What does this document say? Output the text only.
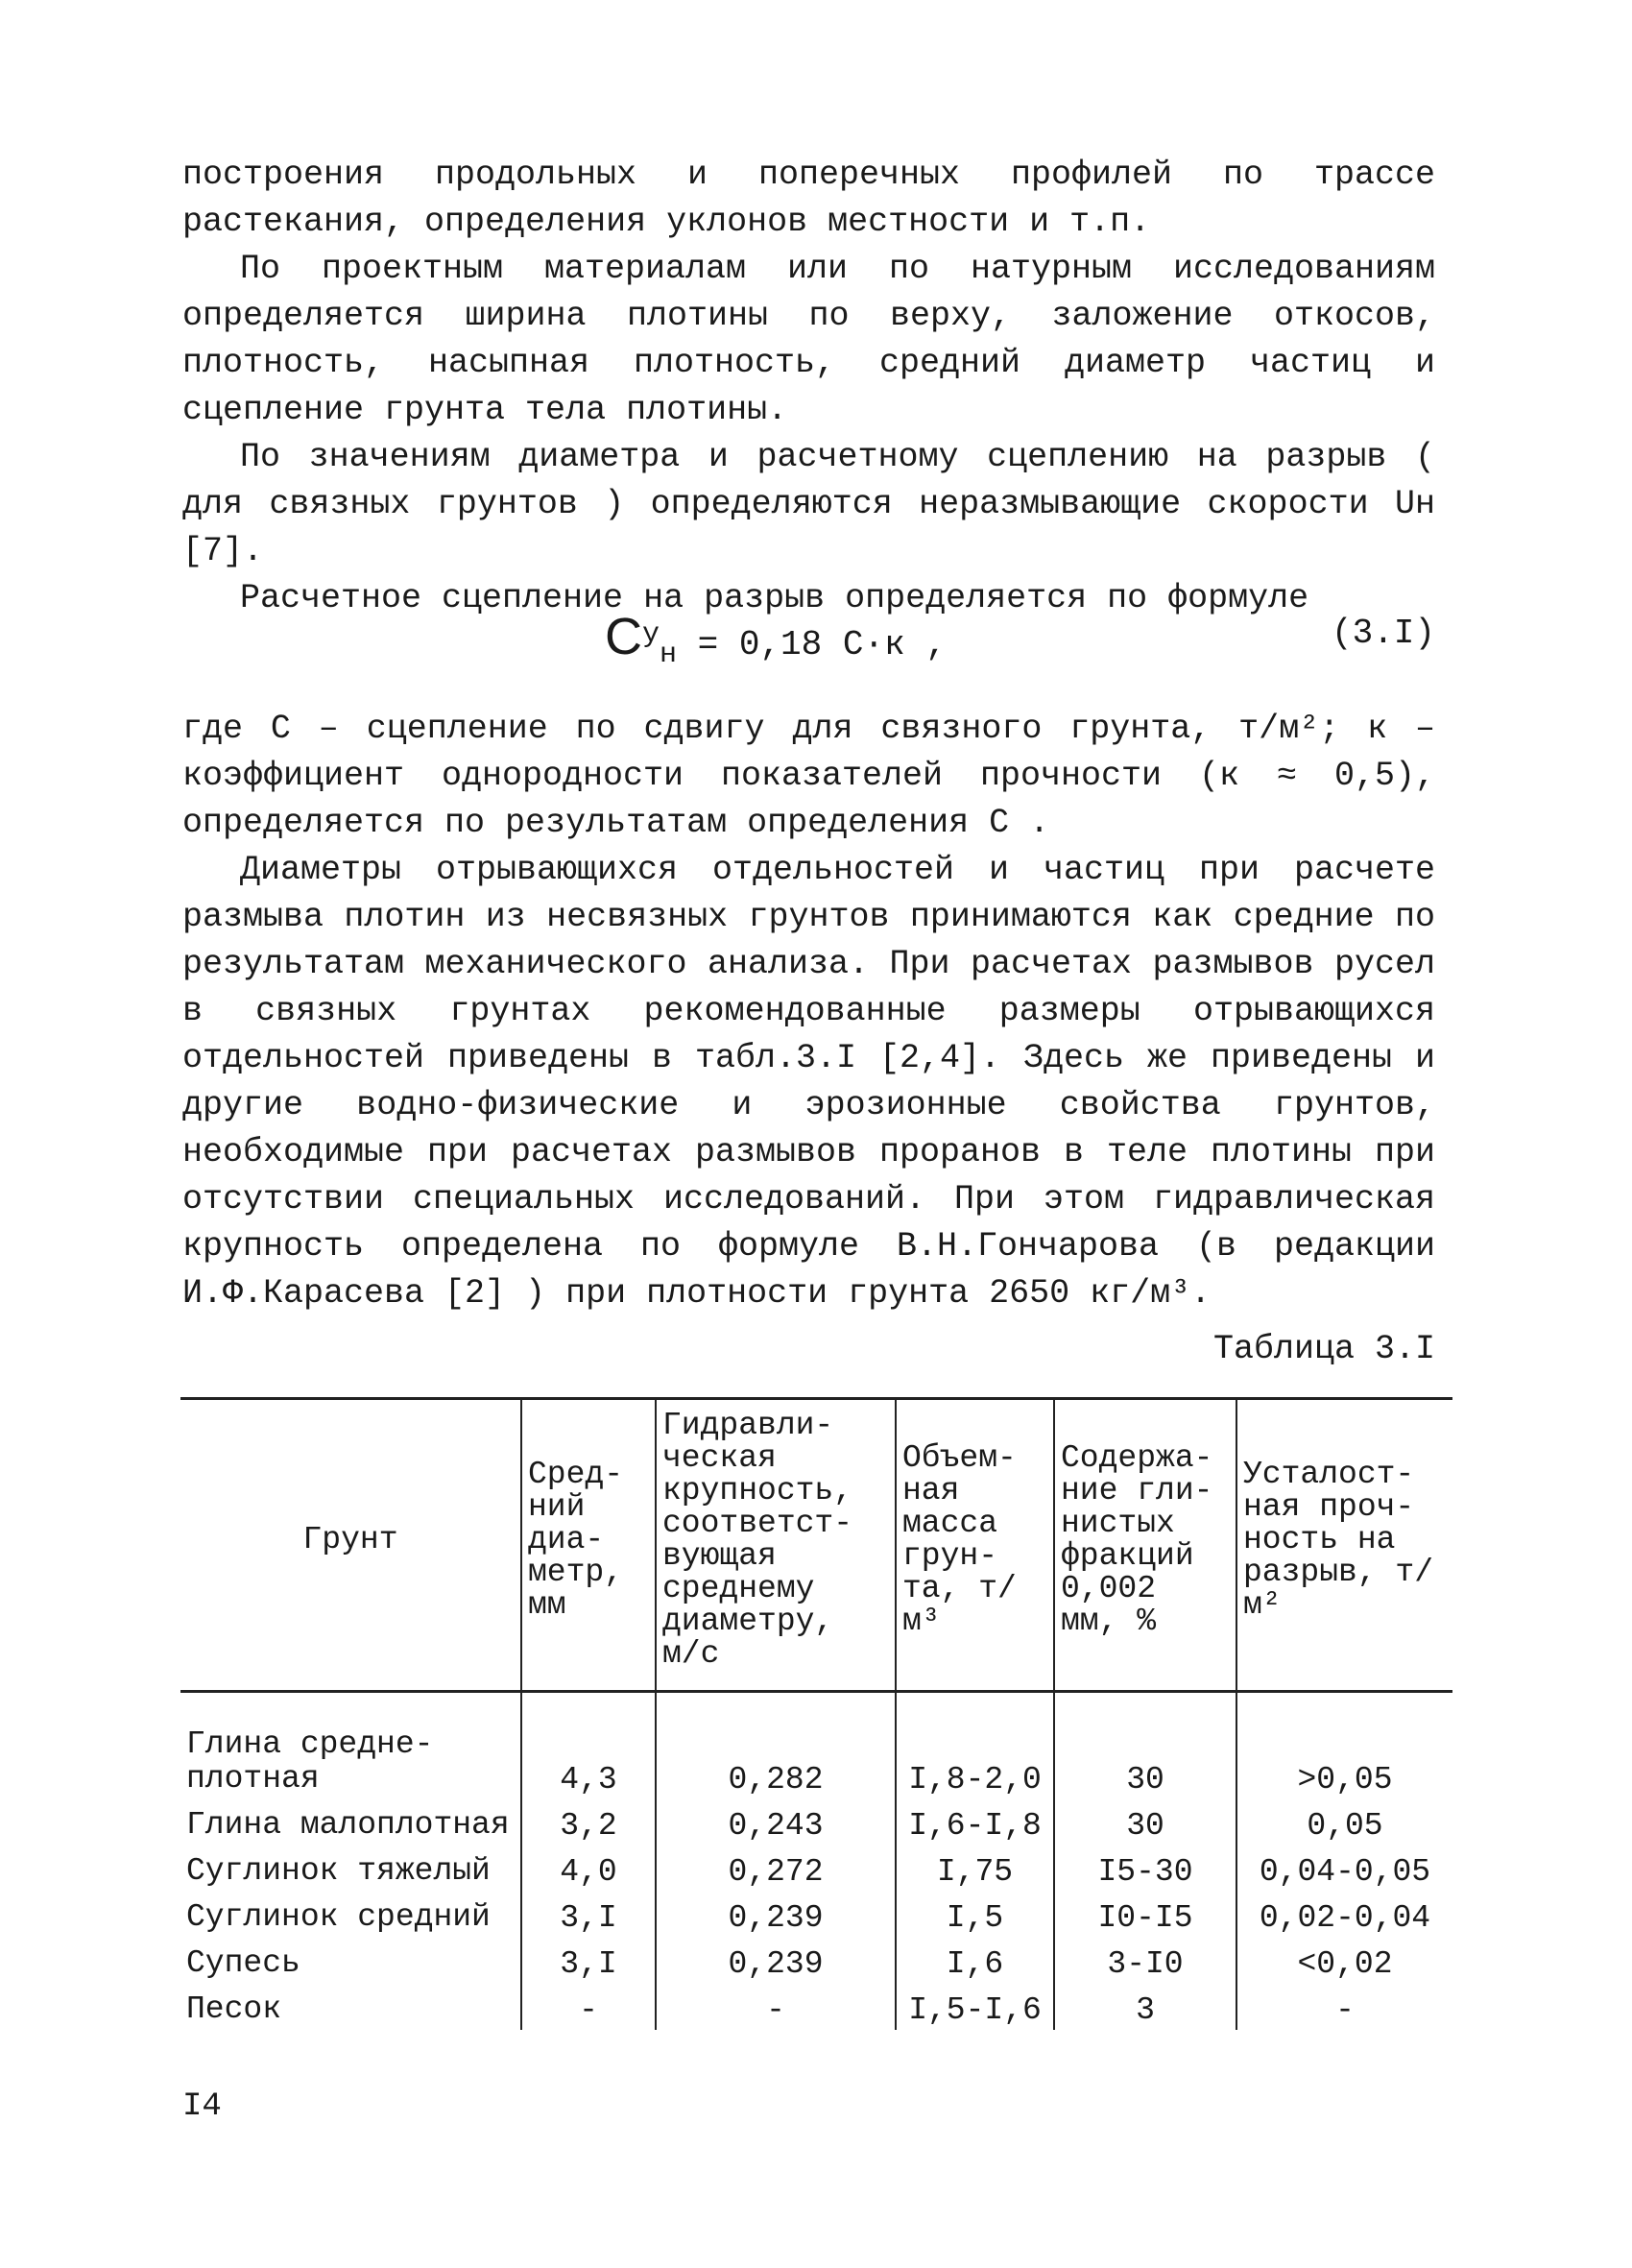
построения продольных и поперечных профилей по трассе растекания, определения уклонов местности и т.п.

По проектным материалам или по натурным исследованиям определяется ширина плотины по верху, заложение откосов, плотность, насыпная плотность, средний диаметр частиц и сцепление грунта тела плотины.

По значениям диаметра и расчетному сцеплению на разрыв ( для связных грунтов ) определяются неразмывающие скорости Uн [7].

Расчетное сцепление на разрыв определяется по формуле

$C^у_н = 0,18$ C·к ,	(3.I)

где С – сцепление по сдвигу для связного грунта, т/м²; к – коэффициент однородности показателей прочности (к ≈ 0,5), определяется по результатам определения С .

Диаметры отрывающихся отдельностей и частиц при расчете размыва плотин из несвязных грунтов принимаются как средние по результатам механического анализа. При расчетах размывов русел в связных грунтах рекомендованные размеры отрывающихся отдельностей приведены в табл.3.I [2,4]. Здесь же приведены и другие водно-физические и эрозионные свойства грунтов, необходимые при расчетах размывов прoранов в теле плотины при отсутствии специальных исследований. При этом гидравлическая крупность определена по формуле В.Н.Гончарова (в редакции И.Ф.Карасева [2] ) при плотности грунта 2650 кг/м³.

Таблица 3.I
Грунт	Сред-ний диа-метр, мм	Гидравли-ческая крупность, соответст-вующая среднему диаметру, м/с	Объем-ная масса грун-та, т/м³	Содержа-ние гли-нистых фракций 0,002 мм, %	Усталост-ная проч-ность на разрыв, т/м²
Глина средне-плотная	4,3	0,282	I,8-2,0	30	>0,05
Глина малоплотная	3,2	0,243	I,6-I,8	30	0,05
Суглинок тяжелый	4,0	0,272	I,75	I5-30	0,04-0,05
Суглинок средний	3,I	0,239	I,5	I0-I5	0,02-0,04
Супесь	3,I	0,239	I,6	3-I0	<0,02
Песок	-	-	I,5-I,6	3	-
I4
